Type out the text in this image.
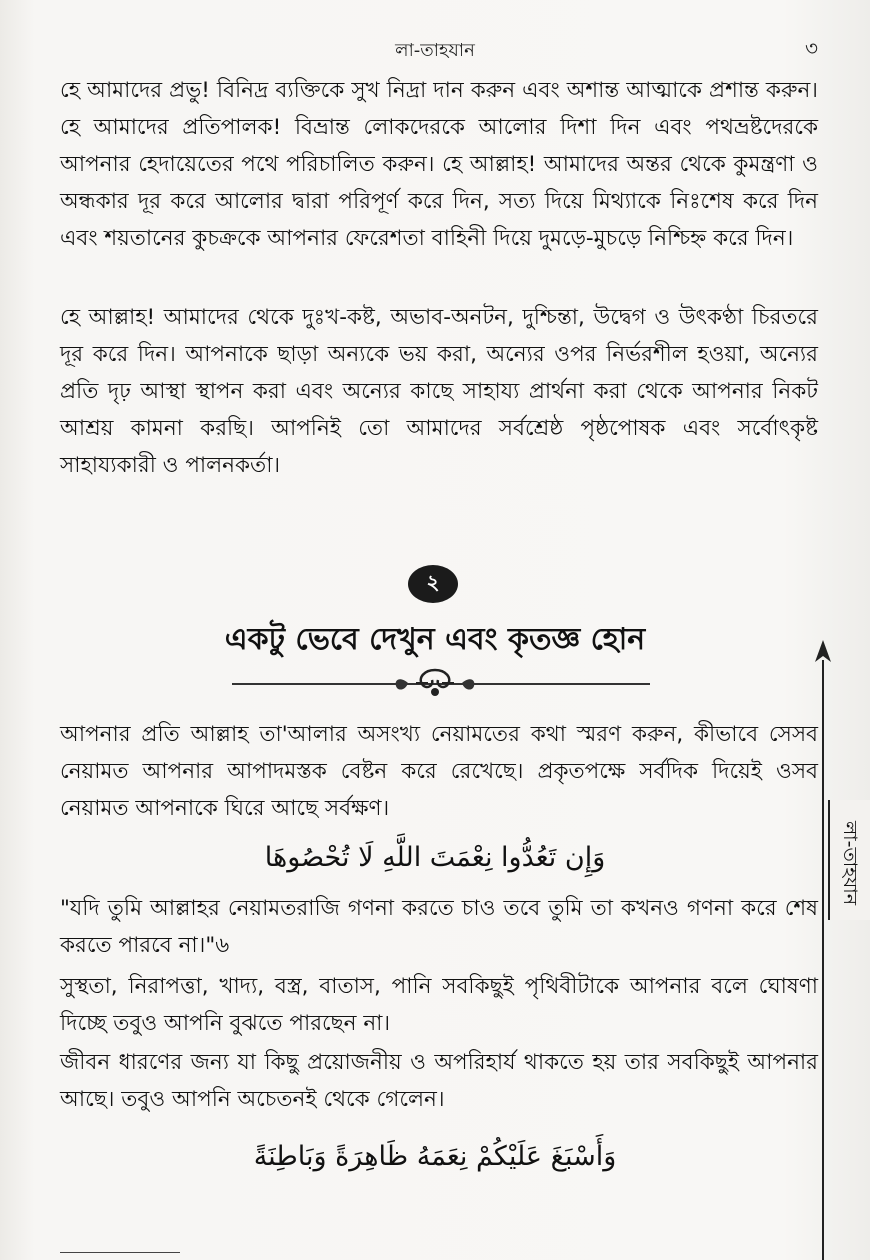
লা-তাহযান	৩

হে আমাদের প্রভু! বিনিদ্র ব্যক্তিকে সুখ নিদ্রা দান করুন এবং অশান্ত আত্মাকে প্রশান্ত করুন। হে আমাদের প্রতিপালক! বিভ্রান্ত লোকদেরকে আলোর দিশা দিন এবং পথভ্রষ্টদেরকে আপনার হেদায়েতের পথে পরিচালিত করুন। হে আল্লাহ! আমাদের অন্তর থেকে কুমন্ত্রণা ও অন্ধকার দূর করে আলোর দ্বারা পরিপূর্ণ করে দিন, সত্য দিয়ে মিথ্যাকে নিঃশেষ করে দিন এবং শয়তানের কুচক্রকে আপনার ফেরেশতা বাহিনী দিয়ে দুমড়ে-মুচড়ে নিশ্চিহ্ন করে দিন।

হে আল্লাহ! আমাদের থেকে দুঃখ-কষ্ট, অভাব-অনটন, দুশ্চিন্তা, উদ্বেগ ও উৎকণ্ঠা চিরতরে দূর করে দিন। আপনাকে ছাড়া অন্যকে ভয় করা, অন্যের ওপর নির্ভরশীল হওয়া, অন্যের প্রতি দৃঢ় আস্থা স্থাপন করা এবং অন্যের কাছে সাহায্য প্রার্থনা করা থেকে আপনার নিকট আশ্রয় কামনা করছি। আপনিই তো আমাদের সর্বশ্রেষ্ঠ পৃষ্ঠপোষক এবং সর্বোৎকৃষ্ট সাহায্যকারী ও পালনকর্তা।

২
একটু ভেবে দেখুন এবং কৃতজ্ঞ হোন

আপনার প্রতি আল্লাহ তা'আলার অসংখ্য নেয়ামতের কথা স্মরণ করুন, কীভাবে সেসব নেয়ামত আপনার আপাদমস্তক বেষ্টন করে রেখেছে। প্রকৃতপক্ষে সর্বদিক দিয়েই ওসব নেয়ামত আপনাকে ঘিরে আছে সর্বক্ষণ।

وَإِن تَعُدُّوا نِعْمَتَ اللَّهِ لَا تُحْصُوهَا

"যদি তুমি আল্লাহর নেয়ামতরাজি গণনা করতে চাও তবে তুমি তা কখনও গণনা করে শেষ করতে পারবে না।"৬

সুস্থতা, নিরাপত্তা, খাদ্য, বস্ত্র, বাতাস, পানি সবকিছুই পৃথিবীটাকে আপনার বলে ঘোষণা দিচ্ছে তবুও আপনি বুঝতে পারছেন না।

জীবন ধারণের জন্য যা কিছু প্রয়োজনীয় ও অপরিহার্য থাকতে হয় তার সবকিছুই আপনার আছে। তবুও আপনি অচেতনই থেকে গেলেন।

وَأَسْبَغَ عَلَيْكُمْ نِعَمَهُ ظَاهِرَةً وَبَاطِنَةً

লা-তাহযান
